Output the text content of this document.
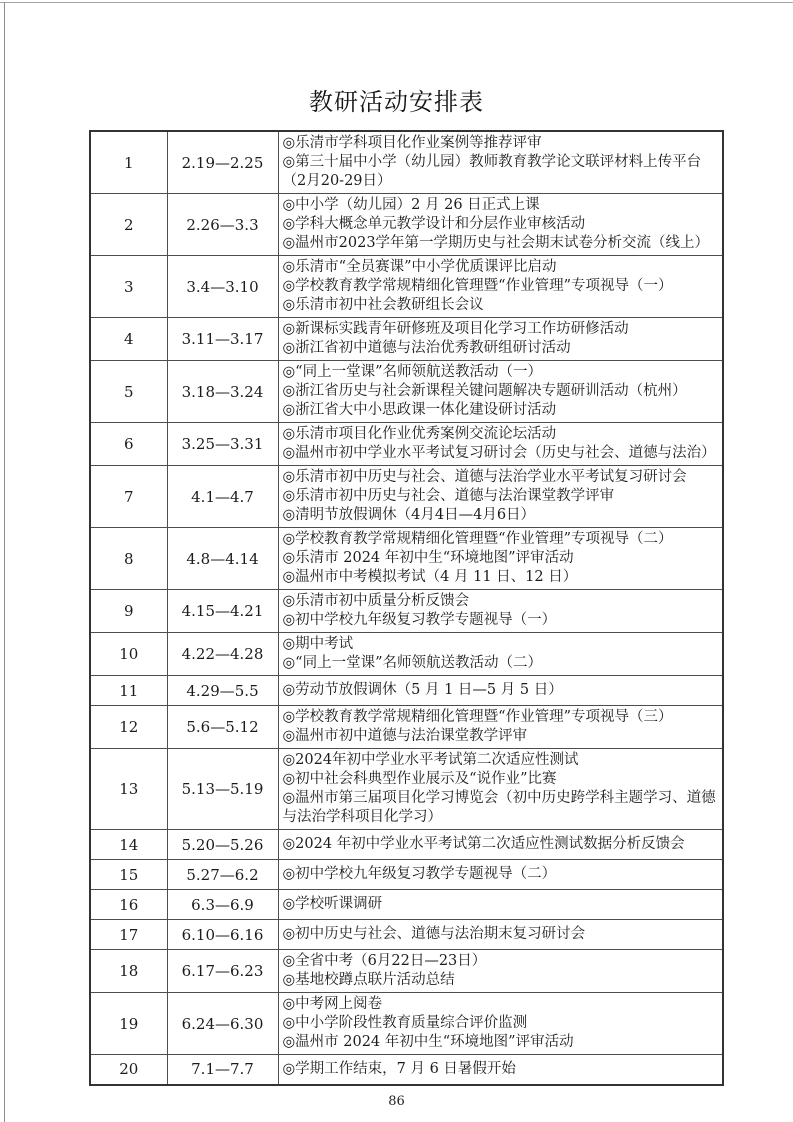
教研活动安排表
1	2.19—2.25	◎乐清市学科项目化作业案例等推荐评审
◎第三十届中小学（幼儿园）教师教育教学论文联评材料上传平台（2月20-29日）

2	2.26—3.3	◎中小学（幼儿园）2 月 26 日正式上课
◎学科大概念单元教学设计和分层作业审核活动
◎温州市2023学年第一学期历史与社会期末试卷分析交流（线上）

3	3.4—3.10	◎乐清市“全员赛课”中小学优质课评比启动
◎学校教育教学常规精细化管理暨“作业管理”专项视导（一）
◎乐清市初中社会教研组长会议

4	3.11—3.17	◎新课标实践青年研修班及项目化学习工作坊研修活动
◎浙江省初中道德与法治优秀教研组研讨活动

5	3.18—3.24	◎“同上一堂课”名师领航送教活动（一）
◎浙江省历史与社会新课程关键问题解决专题研训活动（杭州）
◎浙江省大中小思政课一体化建设研讨活动

6	3.25—3.31	◎乐清市项目化作业优秀案例交流论坛活动
◎温州市初中学业水平考试复习研讨会（历史与社会、道德与法治）

7	4.1—4.7	◎乐清市初中历史与社会、道德与法治学业水平考试复习研讨会
◎乐清市初中历史与社会、道德与法治课堂教学评审
◎清明节放假调休（4月4日—4月6日）

8	4.8—4.14	◎学校教育教学常规精细化管理暨“作业管理”专项视导（二）
◎乐清市 2024 年初中生“环境地图”评审活动
◎温州市中考模拟考试（4 月 11 日、12 日）

9	4.15—4.21	◎乐清市初中质量分析反馈会
◎初中学校九年级复习教学专题视导（一）

10	4.22—4.28	◎期中考试
◎“同上一堂课”名师领航送教活动（二）

11	4.29—5.5	◎劳动节放假调休（5 月 1 日—5 月 5 日）

12	5.6—5.12	◎学校教育教学常规精细化管理暨“作业管理”专项视导（三）
◎温州市初中道德与法治课堂教学评审

13	5.13—5.19	◎2024年初中学业水平考试第二次适应性测试
◎初中社会科典型作业展示及“说作业”比赛
◎温州市第三届项目化学习博览会（初中历史跨学科主题学习、道德与法治学科项目化学习）

14	5.20—5.26	◎2024 年初中学业水平考试第二次适应性测试数据分析反馈会

15	5.27—6.2	◎初中学校九年级复习教学专题视导（二）

16	6.3—6.9	◎学校听课调研

17	6.10—6.16	◎初中历史与社会、道德与法治期末复习研讨会

18	6.17—6.23	◎全省中考（6月22日—23日）
◎基地校蹲点联片活动总结

19	6.24—6.30	◎中考网上阅卷
◎中小学阶段性教育质量综合评价监测
◎温州市 2024 年初中生“环境地图”评审活动

20	7.1—7.7	◎学期工作结束，7 月 6 日暑假开始
86
